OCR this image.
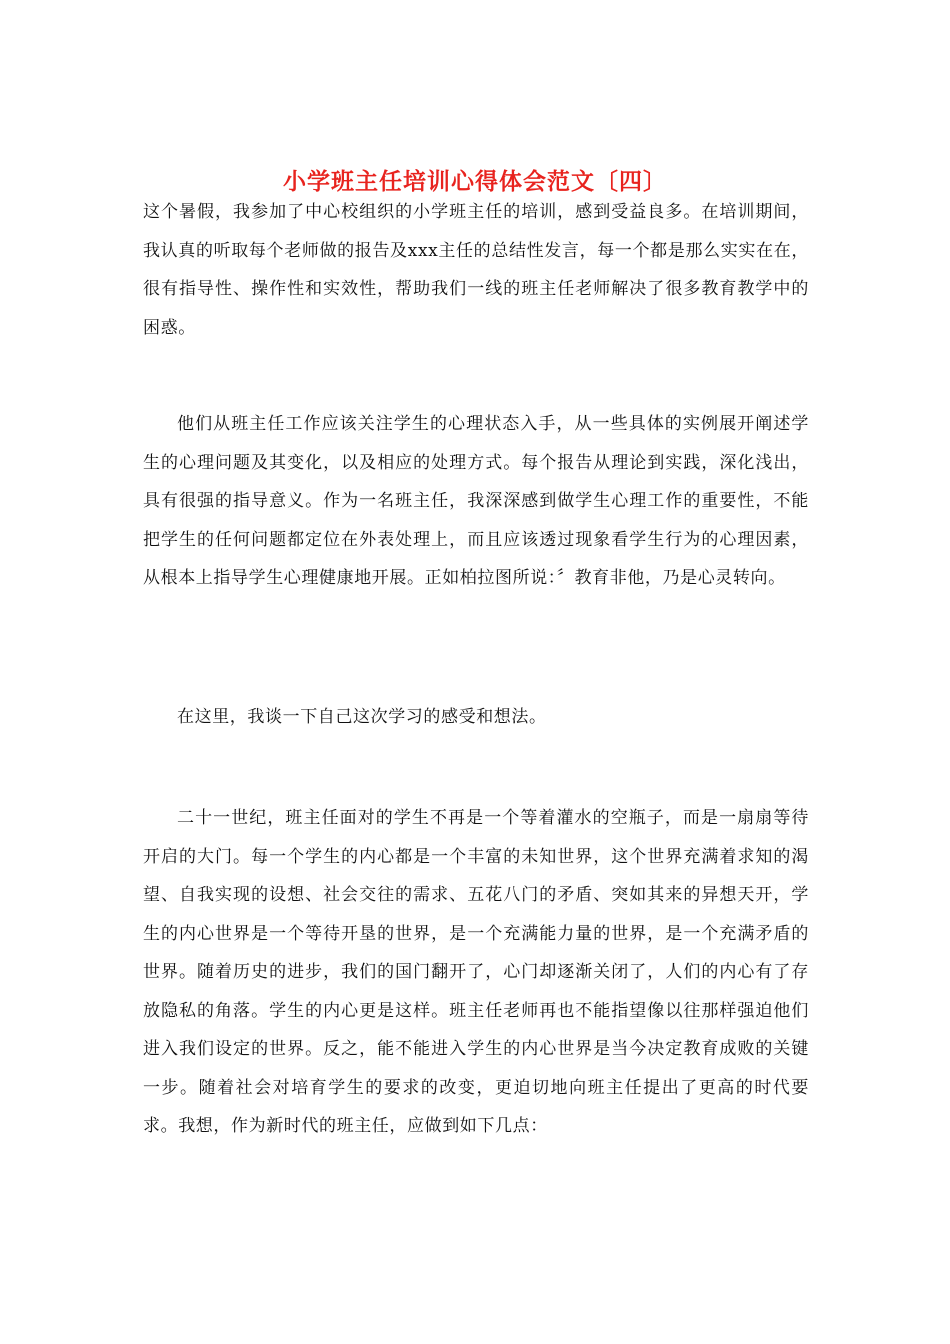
小学班主任培训心得体会范文〔四〕

这个暑假，我参加了中心校组织的小学班主任的培训，感到受益良多。在培训期间，我认真的听取每个老师做的报告及xxx主任的总结性发言，每一个都是那么实实在在，很有指导性、操作性和实效性，帮助我们一线的班主任老师解决了很多教育教学中的困惑。

他们从班主任工作应该关注学生的心理状态入手，从一些具体的实例展开阐述学生的心理问题及其变化，以及相应的处理方式。每个报告从理论到实践，深化浅出，具有很强的指导意义。作为一名班主任，我深深感到做学生心理工作的重要性，不能把学生的任何问题都定位在外表处理上，而且应该透过现象看学生行为的心理因素，从根本上指导学生心理健康地开展。正如柏拉图所说：〞教育非他，乃是心灵转向。

在这里，我谈一下自己这次学习的感受和想法。

二十一世纪，班主任面对的学生不再是一个等着灌水的空瓶子，而是一扇扇等待开启的大门。每一个学生的内心都是一个丰富的未知世界，这个世界充满着求知的渴望、自我实现的设想、社会交往的需求、五花八门的矛盾、突如其来的异想天开，学生的内心世界是一个等待开垦的世界，是一个充满能力量的世界，是一个充满矛盾的世界。随着历史的进步，我们的国门翻开了，心门却逐渐关闭了，人们的内心有了存放隐私的角落。学生的内心更是这样。班主任老师再也不能指望像以往那样强迫他们进入我们设定的世界。反之，能不能进入学生的内心世界是当今决定教育成败的关键一步。随着社会对培育学生的要求的改变，更迫切地向班主任提出了更高的时代要求。我想，作为新时代的班主任，应做到如下几点：
